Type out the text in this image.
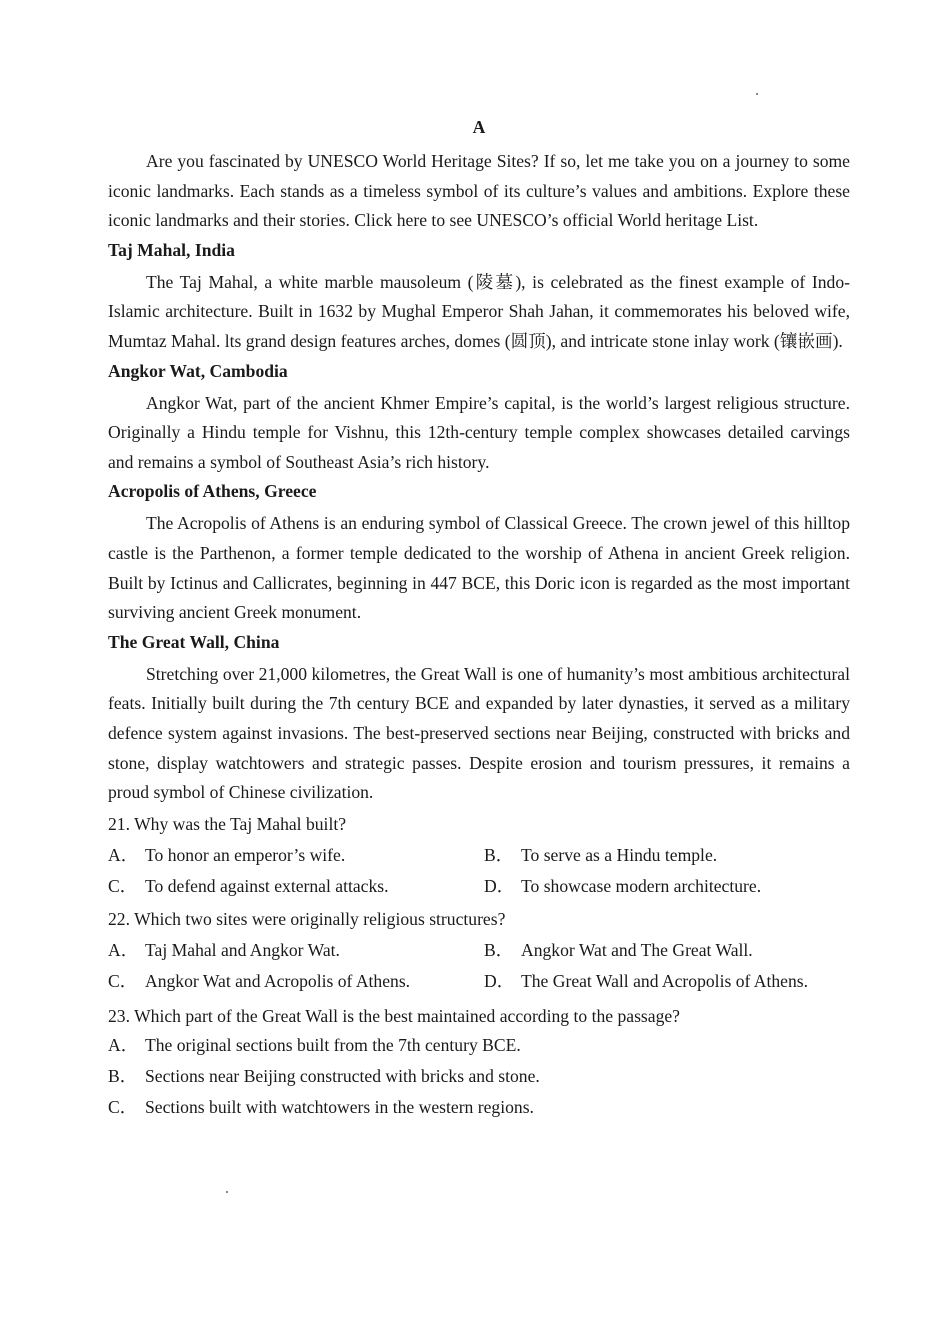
A

Are you fascinated by UNESCO World Heritage Sites? If so, let me take you on a journey to some iconic landmarks. Each stands as a timeless symbol of its culture’s values and ambitions. Explore these iconic landmarks and their stories. Click here to see UNESCO’s official World heritage List.

Taj Mahal, India

The Taj Mahal, a white marble mausoleum (陵墓), is celebrated as the finest example of Indo-Islamic architecture. Built in 1632 by Mughal Emperor Shah Jahan, it commemorates his beloved wife, Mumtaz Mahal. lts grand design features arches, domes (圆顶), and intricate stone inlay work (镶嵌画).

Angkor Wat, Cambodia

Angkor Wat, part of the ancient Khmer Empire’s capital, is the world’s largest religious structure. Originally a Hindu temple for Vishnu, this 12th-century temple complex showcases detailed carvings and remains a symbol of Southeast Asia’s rich history.

Acropolis of Athens, Greece

The Acropolis of Athens is an enduring symbol of Classical Greece. The crown jewel of this hilltop castle is the Parthenon, a former temple dedicated to the worship of Athena in ancient Greek religion. Built by Ictinus and Callicrates, beginning in 447 BCE, this Doric icon is regarded as the most important surviving ancient Greek monument.

The Great Wall, China

Stretching over 21,000 kilometres, the Great Wall is one of humanity’s most ambitious architectural feats. Initially built during the 7th century BCE and expanded by later dynasties, it served as a military defence system against invasions. The best-preserved sections near Beijing, constructed with bricks and stone, display watchtowers and strategic passes. Despite erosion and tourism pressures, it remains a proud symbol of Chinese civilization.

21. Why was the Taj Mahal built?
A． To honor an emperor’s wife.	B． To serve as a Hindu temple.
C． To defend against external attacks.	D． To showcase modern architecture.
22. Which two sites were originally religious structures?
A． Taj Mahal and Angkor Wat.	B． Angkor Wat and The Great Wall.
C． Angkor Wat and Acropolis of Athens.	D． The Great Wall and Acropolis of Athens.
23. Which part of the Great Wall is the best maintained according to the passage?
A． The original sections built from the 7th century BCE.
B． Sections near Beijing constructed with bricks and stone.
C． Sections built with watchtowers in the western regions.
